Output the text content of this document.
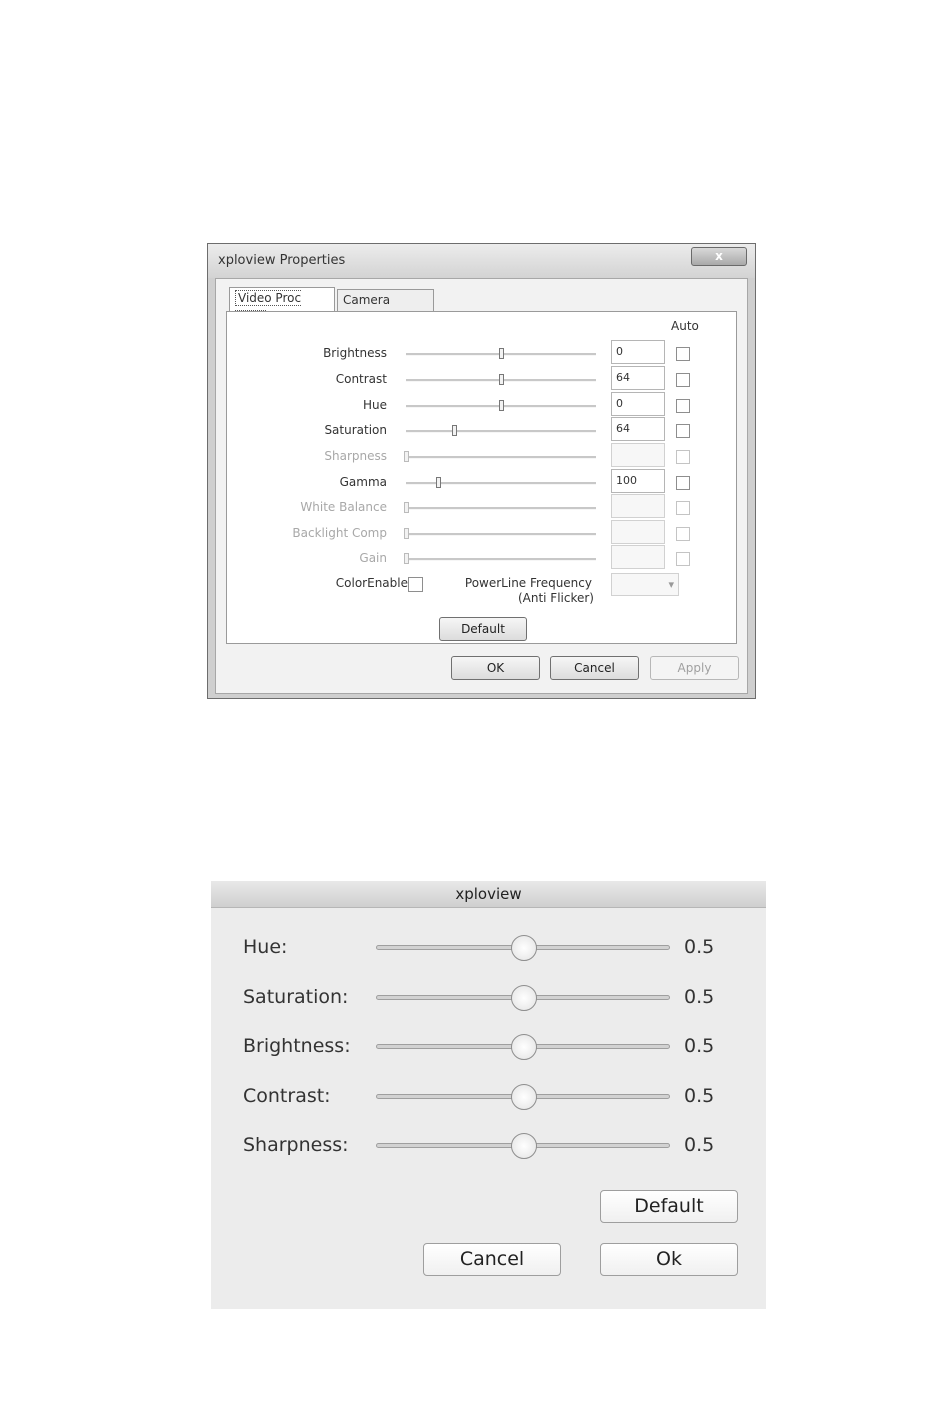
xploview Properties	x
Video Proc	Camera
Auto
Brightness	0
Contrast	64
Hue	0
Saturation	64
Sharpness
Gamma	100
White Balance
Backlight Comp
Gain
ColorEnable	PowerLine Frequency
(Anti Flicker)
▾
Default
OK	Cancel	Apply
xploview
Hue:	0.5
Saturation:	0.5
Brightness:	0.5
Contrast:	0.5
Sharpness:	0.5
Default
Cancel	Ok
